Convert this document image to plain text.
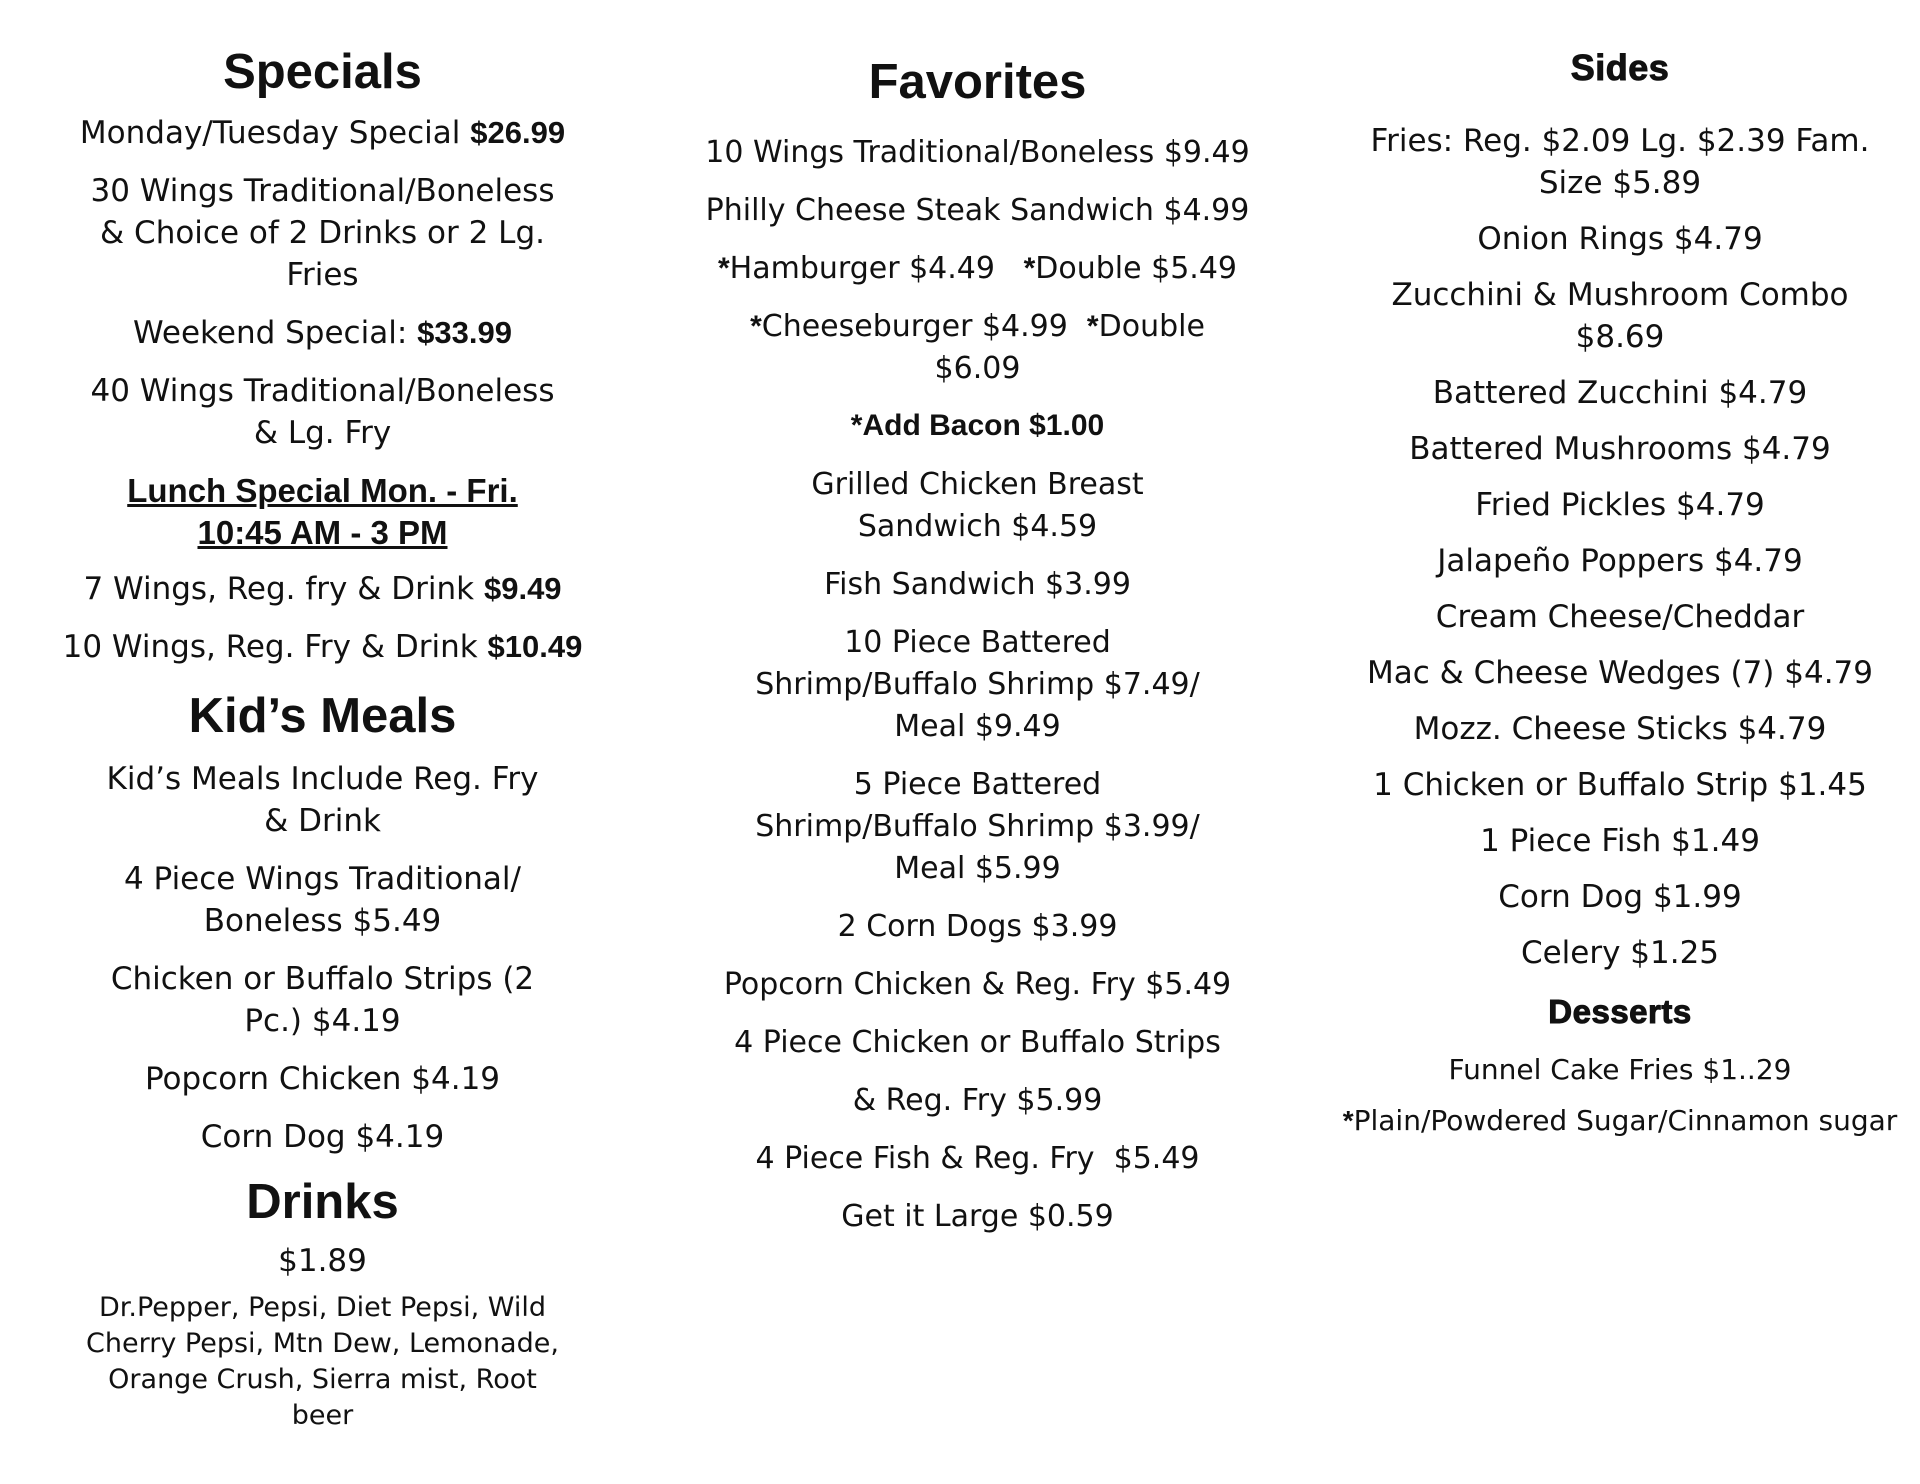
Specials

Monday/Tuesday Special $26.99

30 Wings Traditional/Boneless & Choice of 2 Drinks or 2 Lg. Fries

Weekend Special: $33.99

40 Wings Traditional/Boneless & Lg. Fry

Lunch Special Mon. - Fri. 10:45 AM - 3 PM

7 Wings, Reg. fry & Drink $9.49

10 Wings, Reg. Fry & Drink $10.49

Kid’s Meals

Kid’s Meals Include Reg. Fry & Drink

4 Piece Wings Traditional/ Boneless $5.49

Chicken or Buffalo Strips (2 Pc.) $4.19

Popcorn Chicken $4.19

Corn Dog $4.19

Drinks

$1.89

Dr.Pepper, Pepsi, Diet Pepsi, Wild Cherry Pepsi, Mtn Dew, Lemonade, Orange Crush, Sierra mist, Root beer

Favorites

10 Wings Traditional/Boneless $9.49

Philly Cheese Steak Sandwich $4.99

*Hamburger $4.49   *Double $5.49

*Cheeseburger $4.99  *Double $6.09

*Add Bacon $1.00

Grilled Chicken Breast Sandwich $4.59

Fish Sandwich $3.99

10 Piece Battered Shrimp/Buffalo Shrimp $7.49/ Meal $9.49

5 Piece Battered Shrimp/Buffalo Shrimp $3.99/ Meal $5.99

2 Corn Dogs $3.99

Popcorn Chicken & Reg. Fry $5.49

4 Piece Chicken or Buffalo Strips

& Reg. Fry $5.99

4 Piece Fish & Reg. Fry  $5.49

Get it Large $0.59

Sides

Fries: Reg. $2.09 Lg. $2.39 Fam. Size $5.89

Onion Rings $4.79

Zucchini & Mushroom Combo $8.69

Battered Zucchini $4.79

Battered Mushrooms $4.79

Fried Pickles $4.79

Jalapeño Poppers $4.79

Cream Cheese/Cheddar

Mac & Cheese Wedges (7) $4.79

Mozz. Cheese Sticks $4.79

1 Chicken or Buffalo Strip $1.45

1 Piece Fish $1.49

Corn Dog $1.99

Celery $1.25

Desserts

Funnel Cake Fries $1..29

*Plain/Powdered Sugar/Cinnamon sugar
